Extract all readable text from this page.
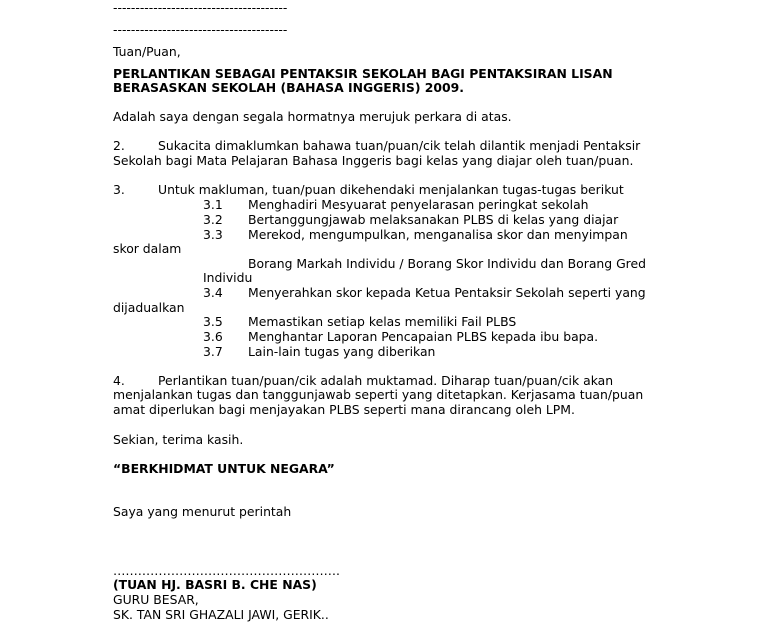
---------------------------------------
---------------------------------------
Tuan/Puan,
PERLANTIKAN SEBAGAI PENTAKSIR SEKOLAH BAGI PENTAKSIRAN LISAN
BERASASKAN SEKOLAH (BAHASA INGGERIS) 2009.
Adalah saya dengan segala hormatnya merujuk perkara di atas.
2.	Sukacita dimaklumkan bahawa tuan/puan/cik telah dilantik menjadi Pentaksir
Sekolah bagi Mata Pelajaran Bahasa Inggeris bagi kelas yang diajar oleh tuan/puan.
3.	Untuk makluman, tuan/puan dikehendaki menjalankan tugas-tugas berikut
3.1 Menghadiri Mesyuarat penyelarasan peringkat sekolah
3.2 Bertanggungjawab melaksanakan PLBS di kelas yang diajar
3.3 Merekod, mengumpulkan, menganalisa skor dan menyimpan
skor dalam
Borang Markah Individu / Borang Skor Individu dan Borang Gred
Individu
3.4 Menyerahkan skor kepada Ketua Pentaksir Sekolah seperti yang
dijadualkan
3.5 Memastikan setiap kelas memiliki Fail PLBS
3.6 Menghantar Laporan Pencapaian PLBS kepada ibu bapa.
3.7 Lain-lain tugas yang diberikan
4.	Perlantikan tuan/puan/cik adalah muktamad. Diharap tuan/puan/cik akan
menjalankan tugas dan tanggunjawab seperti yang ditetapkan. Kerjasama tuan/puan
amat diperlukan bagi menjayakan PLBS seperti mana dirancang oleh LPM.
Sekian, terima kasih.
“BERKHIDMAT UNTUK NEGARA”
Saya yang menurut perintah
……………………………………………….
(TUAN HJ. BASRI B. CHE NAS)
GURU BESAR,
SK. TAN SRI GHAZALI JAWI, GERIK..
